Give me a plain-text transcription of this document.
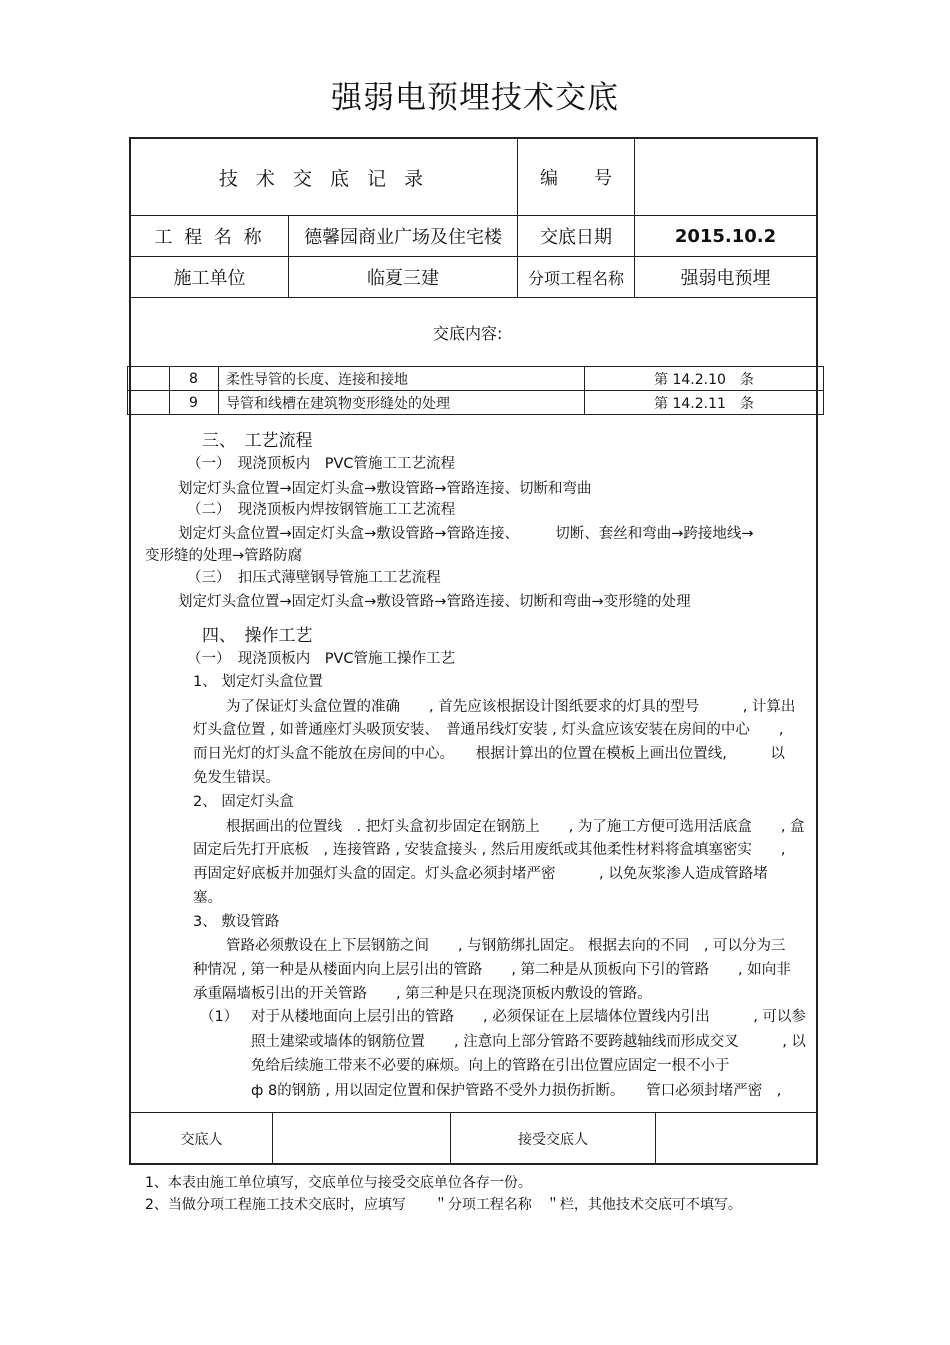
强弱电预埋技术交底
技 术 交 底 记 录	编　　号
工 程 名 称	德馨园商业广场及住宅楼	交底日期	2015.10.2
施工单位	临夏三建	分项工程名称	强弱电预埋
交底内容:
8	柔性导管的长度、连接和接地	第 14.2.10　条
9	导管和线槽在建筑物变形缝处的处理	第 14.2.11　条
三、　工艺流程
（一）　现浇顶板内　PVC管施工工艺流程
划定灯头盒位置→固定灯头盒→敷设管路→管路连接、切断和弯曲
（二）　现浇顶板内焊按钢管施工工艺流程
划定灯头盒位置→固定灯头盒→敷设管路→管路连接、　　　切断、套丝和弯曲→跨接地线→
变形缝的处理→管路防腐
（三）　扣压式薄壁钢导管施工工艺流程
划定灯头盒位置→固定灯头盒→敷设管路→管路连接、切断和弯曲→变形缝的处理
四、　操作工艺
（一）　现浇顶板内　PVC管施工操作工艺
1、 划定灯头盒位置
为了保证灯头盒位置的准确　　, 首先应该根据设计图纸要求的灯具的型号　　　, 计算出
灯头盒位置 , 如普通座灯头吸顶安装、　普通吊线灯安装 , 灯头盒应该安装在房间的中心　　,
而日光灯的灯头盒不能放在房间的中心。　　根据计算出的位置在模板上画出位置线,　　　以
免发生错误。
2、 固定灯头盒
根据画出的位置线　. 把灯头盒初步固定在钢筋上　　, 为了施工方便可选用活底盒　　, 盒
固定后先打开底板　, 连接管路 , 安装盒接头 , 然后用废纸或其他柔性材料将盒填塞密实　　,
再固定好底板并加强灯头盒的固定。灯头盒必须封堵严密　　　, 以免灰浆渗人造成管路堵
塞。
3、 敷设管路
管路必须敷设在上下层钢筋之间　　, 与钢筋绑扎固定。 根据去向的不同　, 可以分为三
种情况 , 第一种是从楼面内向上层引出的管路　　, 第二种是从顶板向下引的管路　　, 如向非
承重隔墙板引出的开关管路　　, 第三种是只在现浇顶板内敷设的管路。
（1） 对于从楼地面向上层引出的管路　　, 必须保证在上层墙体位置线内引出　　　, 可以参
照土建梁或墙体的钢筋位置　　, 注意向上部分管路不要跨越轴线而形成交叉　　　, 以
免给后续施工带来不必要的麻烦。向上的管路在引出位置应固定一根不小于
ф 8的钢筋 , 用以固定位置和保护管路不受外力损伤折断。　　管口必须封堵严密　,
交底人	接受交底人
1、本表由施工单位填写，交底单位与接受交底单位各存一份。
2、当做分项工程施工技术交底时，应填写　　＂分项工程名称　＂栏，其他技术交底可不填写。
